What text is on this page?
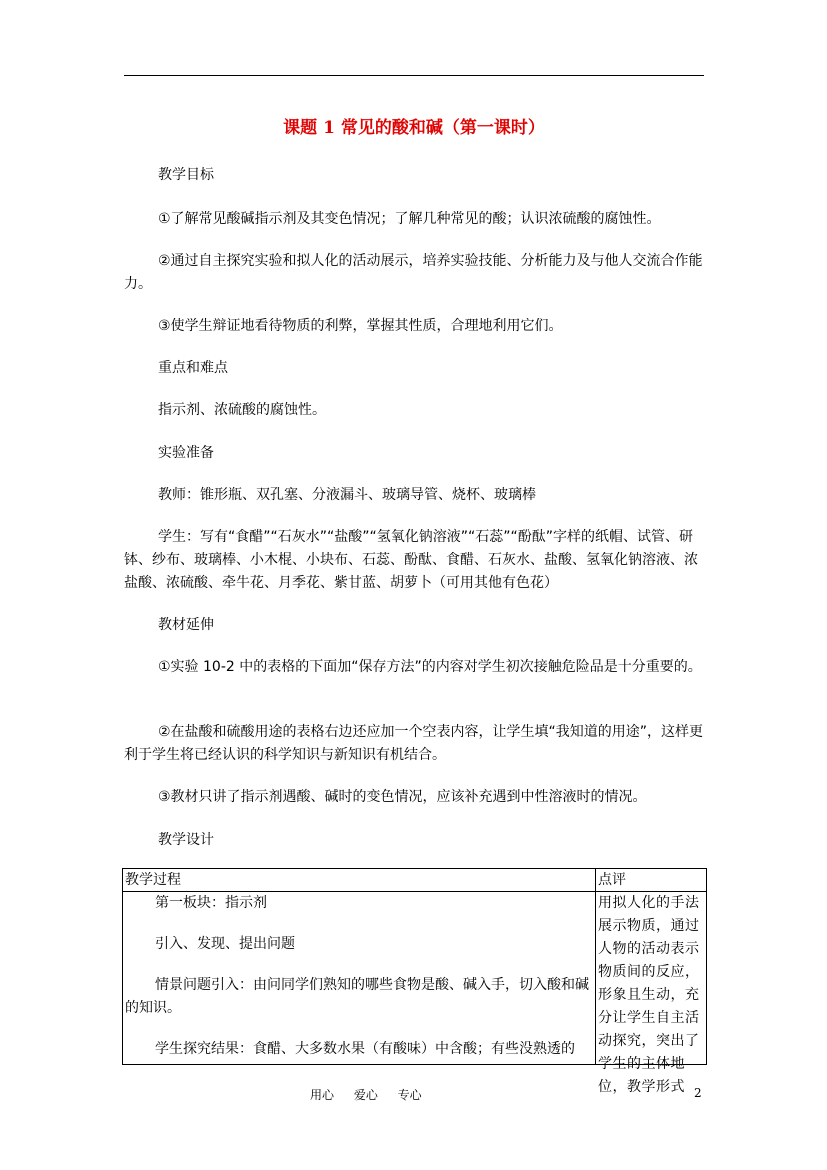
课题 1 常见的酸和碱（第一课时）
教学目标
①了解常见酸碱指示剂及其变色情况；了解几种常见的酸；认识浓硫酸的腐蚀性。
②通过自主探究实验和拟人化的活动展示，培养实验技能、分析能力及与他人交流合作能力。
③使学生辩证地看待物质的利弊，掌握其性质，合理地利用它们。
重点和难点
指示剂、浓硫酸的腐蚀性。
实验准备
教师：锥形瓶、双孔塞、分液漏斗、玻璃导管、烧杯、玻璃棒
学生：写有“食醋”“石灰水”“盐酸”“氢氧化钠溶液”“石蕊”“酚酞”字样的纸帽、试管、研钵、纱布、玻璃棒、小木棍、小块布、石蕊、酚酞、食醋、石灰水、盐酸、氢氧化钠溶液、浓盐酸、浓硫酸、牵牛花、月季花、紫甘蓝、胡萝卜（可用其他有色花）
教材延伸
①实验 10-2 中的表格的下面加“保存方法”的内容对学生初次接触危险品是十分重要的。
②在盐酸和硫酸用途的表格右边还应加一个空表内容，让学生填“我知道的用途”，这样更利于学生将已经认识的科学知识与新知识有机结合。
③教材只讲了指示剂遇酸、碱时的变色情况，应该补充遇到中性溶液时的情况。
教学设计
教学过程	点评

第一板块：指示剂

引入、发现、提出问题

情景问题引入：由问同学们熟知的哪些食物是酸、碱入手，切入酸和碱的知识。

学生探究结果：食醋、大多数水果（有酸味）中含酸；有些没熟透的	用拟人化的手法展示物质，通过人物的活动表示物质间的反应，形象且生动，充分让学生自主活动探究，突出了学生的主体地位，教学形式
用心 爱心 专心	2
